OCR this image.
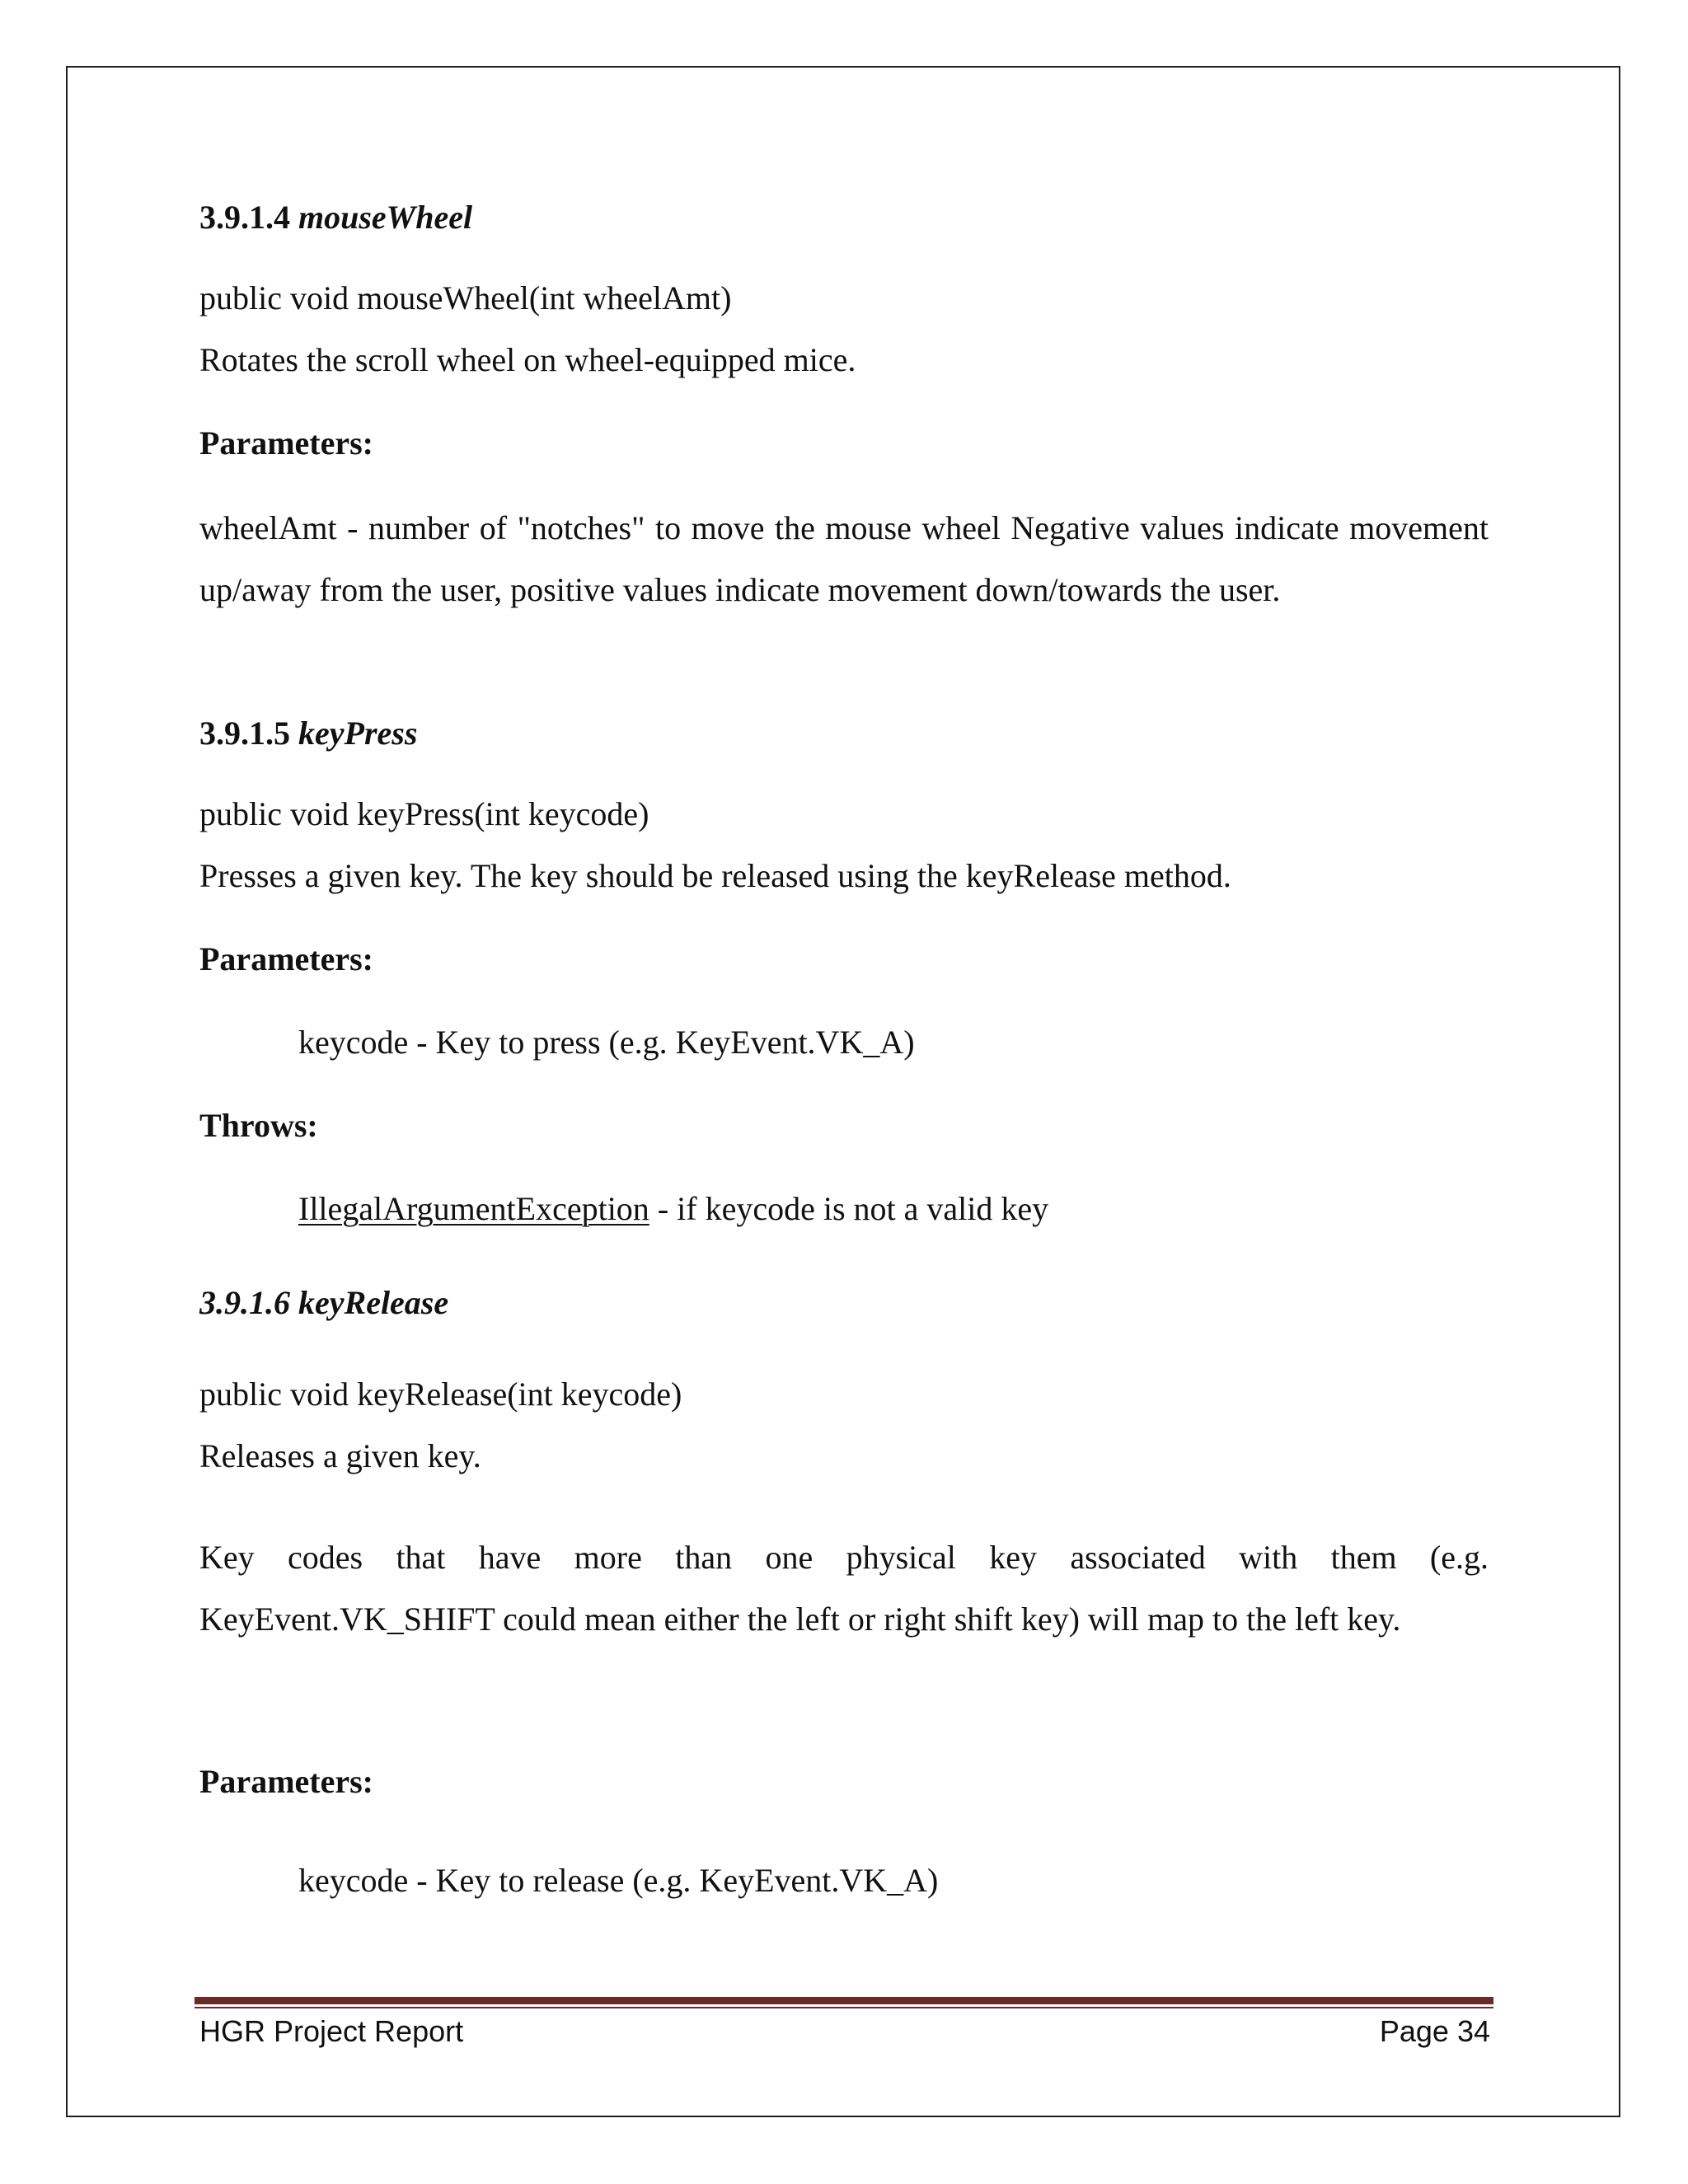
3.9.1.4 mouseWheel
public void mouseWheel(int wheelAmt)
Rotates the scroll wheel on wheel-equipped mice.
Parameters:
wheelAmt - number of "notches" to move the mouse wheel Negative values indicate movement up/away from the user, positive values indicate movement down/towards the user.
3.9.1.5 keyPress
public void keyPress(int keycode)
Presses a given key. The key should be released using the keyRelease method.
Parameters:
keycode - Key to press (e.g. KeyEvent.VK_A)
Throws:
IllegalArgumentException - if keycode is not a valid key
3.9.1.6 keyRelease
public void keyRelease(int keycode)
Releases a given key.
Key codes that have more than one physical key associated with them (e.g. KeyEvent.VK_SHIFT could mean either the left or right shift key) will map to the left key.
Parameters:
keycode - Key to release (e.g. KeyEvent.VK_A)
HGR Project Report	Page 34
